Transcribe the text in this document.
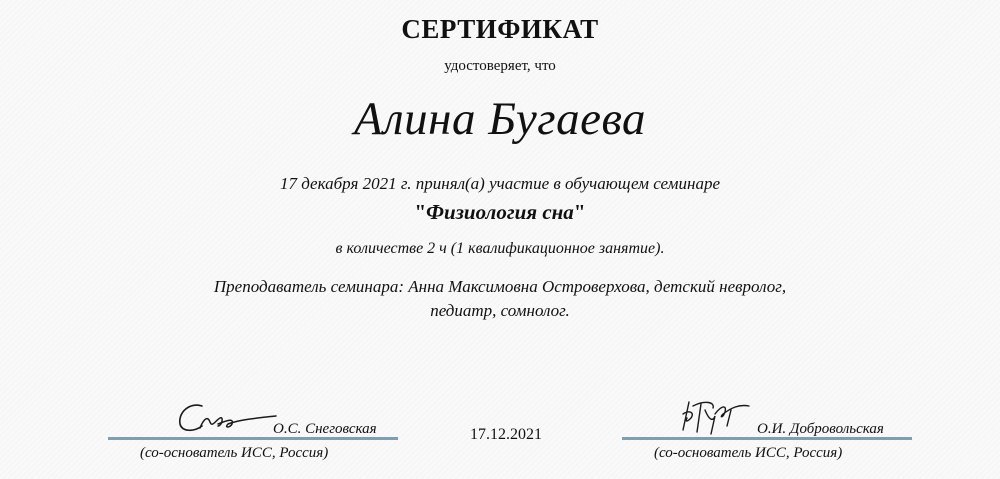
СЕРТИФИКАТ
удостоверяет, что
Алина Бугаева
17 декабря 2021 г. принял(а) участие в обучающем семинаре
"Физиология сна"
в количестве 2 ч (1 квалификационное занятие).
Преподаватель семинара: Анна Максимовна Островерхова, детский невролог,
педиатр, сомнолог.
О.С. Снеговская
(со-основатель ИСС, Россия)
17.12.2021	О.И. Добровольская
(со-основатель ИСС, Россия)
